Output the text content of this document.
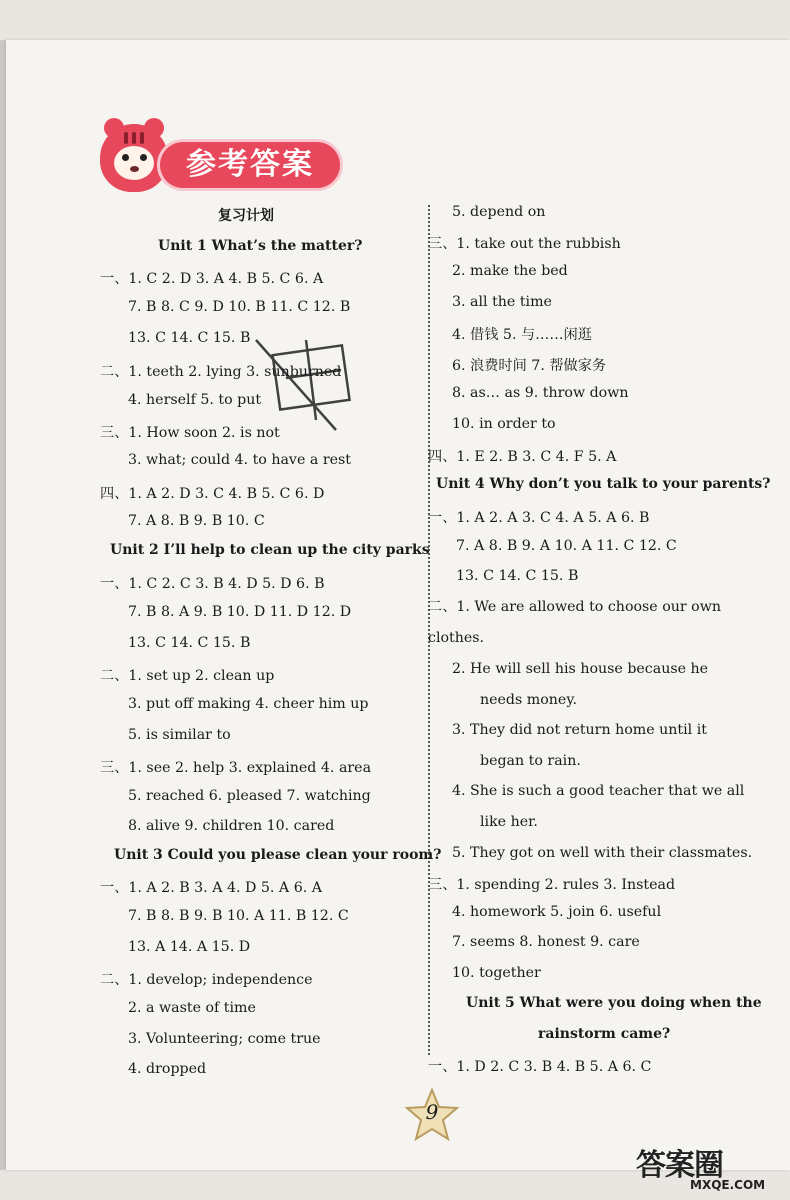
参考答案
复习计划
Unit 1 What’s the matter?
一、1. C 2. D 3. A 4. B 5. C 6. A
7. B 8. C 9. D 10. B 11. C 12. B
13. C 14. C 15. B
二、1. teeth 2. lying 3. sunburned
4. herself 5. to put
三、1. How soon 2. is not
3. what; could 4. to have a rest
四、1. A 2. D 3. C 4. B 5. C 6. D
7. A 8. B 9. B 10. C
Unit 2 I’ll help to clean up the city parks
一、1. C 2. C 3. B 4. D 5. D 6. B
7. B 8. A 9. B 10. D 11. D 12. D
13. C 14. C 15. B
二、1. set up 2. clean up
3. put off making 4. cheer him up
5. is similar to
三、1. see 2. help 3. explained 4. area
5. reached 6. pleased 7. watching
8. alive 9. children 10. cared
Unit 3 Could you please clean your room?
一、1. A 2. B 3. A 4. D 5. A 6. A
7. B 8. B 9. B 10. A 11. B 12. C
13. A 14. A 15. D
二、1. develop; independence
2. a waste of time
3. Volunteering; come true
4. dropped
5. depend on
三、1. take out the rubbish
2. make the bed
3. all the time
4. 借钱 5. 与……闲逛
6. 浪费时间 7. 帮做家务
8. as… as 9. throw down
10. in order to
四、1. E 2. B 3. C 4. F 5. A
Unit 4 Why don’t you talk to your parents?
一、1. A 2. A 3. C 4. A 5. A 6. B
7. A 8. B 9. A 10. A 11. C 12. C
13. C 14. C 15. B
二、1. We are allowed to choose our own clothes.
2. He will sell his house because he needs money.
3. They did not return home until it began to rain.
4. She is such a good teacher that we all like her.
5. They got on well with their classmates.
三、1. spending 2. rules 3. Instead
4. homework 5. join 6. useful
7. seems 8. honest 9. care
10. together
Unit 5 What were you doing when the
rainstorm came?
一、1. D 2. C 3. B 4. B 5. A 6. C
9
答案圈
MXQE.COM
